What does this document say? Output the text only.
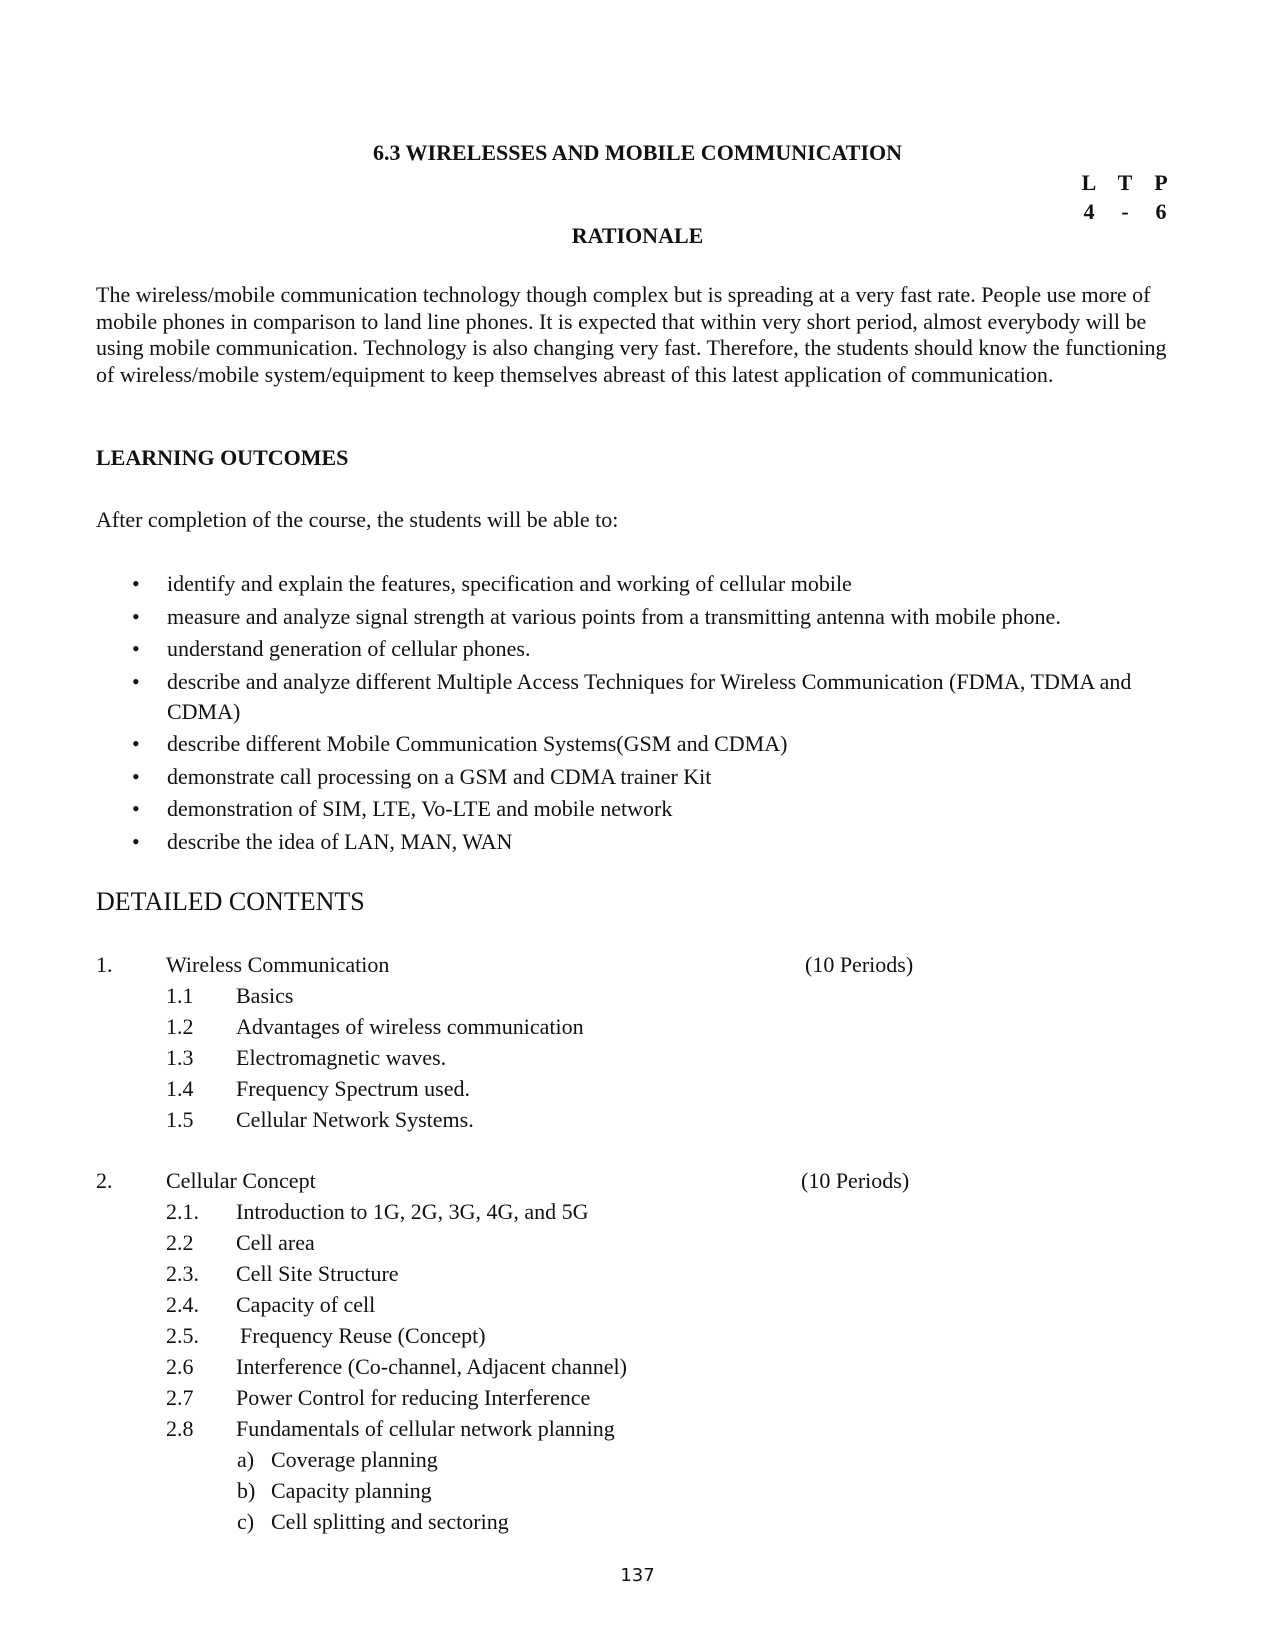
6.3 WIRELESSES AND MOBILE COMMUNICATION
L T P
4 - 6
RATIONALE
The wireless/mobile communication technology though complex but is spreading at a very fast rate. People use more of mobile phones in comparison to land line phones. It is expected that within very short period, almost everybody will be using mobile communication. Technology is also changing very fast. Therefore, the students should know the functioning of wireless/mobile system/equipment to keep themselves abreast of this latest application of communication.
LEARNING OUTCOMES
After completion of the course, the students will be able to:
• identify and explain the features, specification and working of cellular mobile
• measure and analyze signal strength at various points from a transmitting antenna with mobile phone.
• understand generation of cellular phones.
• describe and analyze different Multiple Access Techniques for Wireless Communication (FDMA, TDMA and CDMA)
• describe different Mobile Communication Systems(GSM and CDMA)
• demonstrate call processing on a GSM and CDMA trainer Kit
• demonstration of SIM, LTE, Vo-LTE and mobile network
• describe the idea of LAN, MAN, WAN
DETAILED CONTENTS
1. Wireless Communication	(10 Periods)
1.1 Basics
1.2 Advantages of wireless communication
1.3 Electromagnetic waves.
1.4 Frequency Spectrum used.
1.5 Cellular Network Systems.
2. Cellular Concept	(10 Periods)
2.1. Introduction to 1G, 2G, 3G, 4G, and 5G
2.2 Cell area
2.3. Cell Site Structure
2.4. Capacity of cell
2.5. Frequency Reuse (Concept)
2.6 Interference (Co-channel, Adjacent channel)
2.7 Power Control for reducing Interference
2.8 Fundamentals of cellular network planning
a) Coverage planning
b) Capacity planning
c) Cell splitting and sectoring
137
